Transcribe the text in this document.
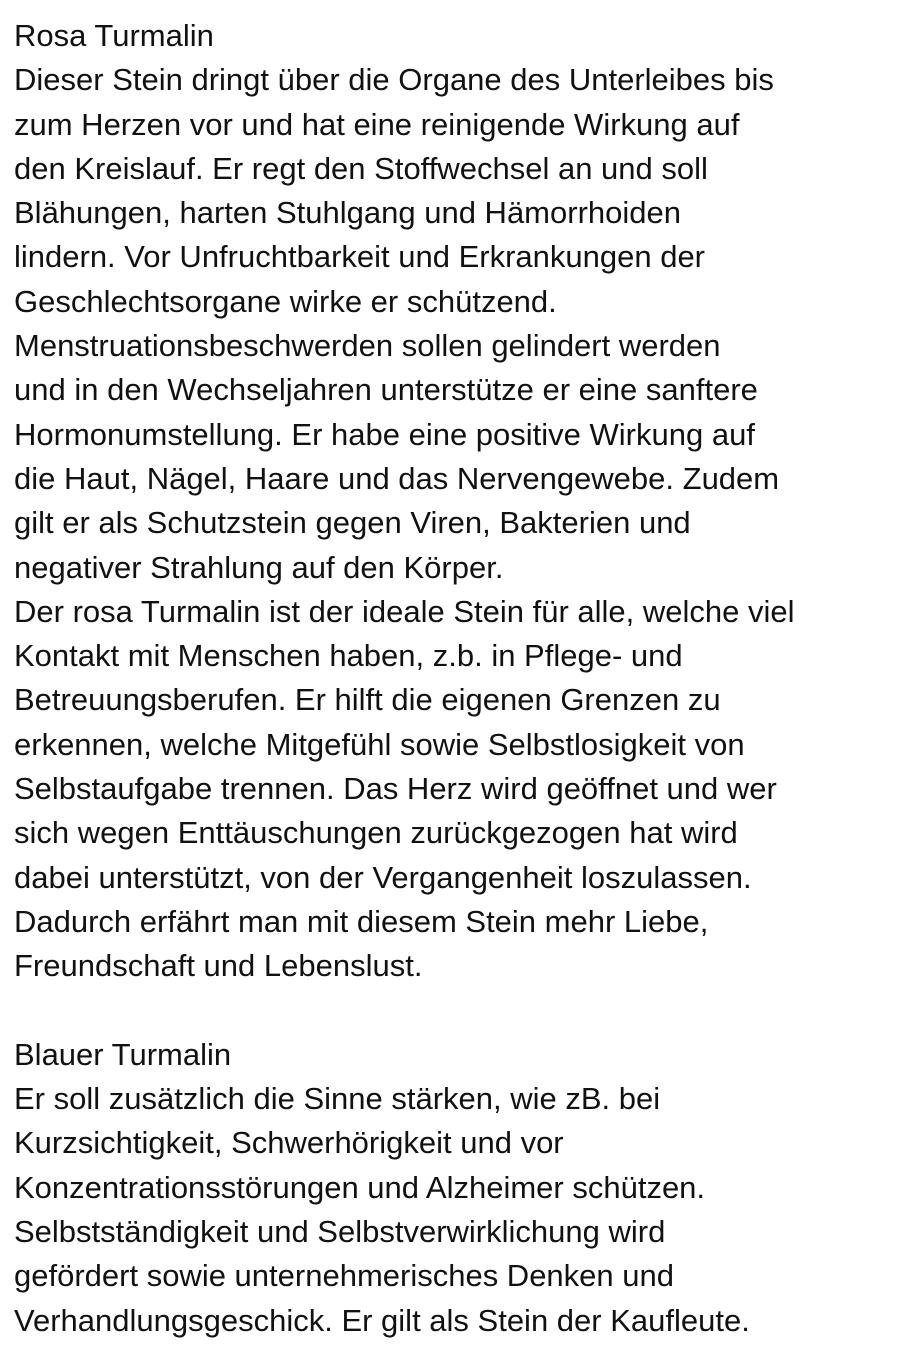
Rosa Turmalin
Dieser Stein dringt über die Organe des Unterleibes bis
zum Herzen vor und hat eine reinigende Wirkung auf
den Kreislauf. Er regt den Stoffwechsel an und soll
Blähungen, harten Stuhlgang und Hämorrhoiden
lindern. Vor Unfruchtbarkeit und Erkrankungen der
Geschlechtsorgane wirke er schützend.
Menstruationsbeschwerden sollen gelindert werden
und in den Wechseljahren unterstütze er eine sanftere
Hormonumstellung. Er habe eine positive Wirkung auf
die Haut, Nägel, Haare und das Nervengewebe. Zudem
gilt er als Schutzstein gegen Viren, Bakterien und
negativer Strahlung auf den Körper.
Der rosa Turmalin ist der ideale Stein für alle, welche viel
Kontakt mit Menschen haben, z.b. in Pflege- und
Betreuungsberufen. Er hilft die eigenen Grenzen zu
erkennen, welche Mitgefühl sowie Selbstlosigkeit von
Selbstaufgabe trennen. Das Herz wird geöffnet und wer
sich wegen Enttäuschungen zurückgezogen hat wird
dabei unterstützt, von der Vergangenheit loszulassen.
Dadurch erfährt man mit diesem Stein mehr Liebe,
Freundschaft und Lebenslust.
Blauer Turmalin
Er soll zusätzlich die Sinne stärken, wie zB. bei
Kurzsichtigkeit, Schwerhörigkeit und vor
Konzentrationsstörungen und Alzheimer schützen.
Selbstständigkeit und Selbstverwirklichung wird
gefördert sowie unternehmerisches Denken und
Verhandlungsgeschick. Er gilt als Stein der Kaufleute.
